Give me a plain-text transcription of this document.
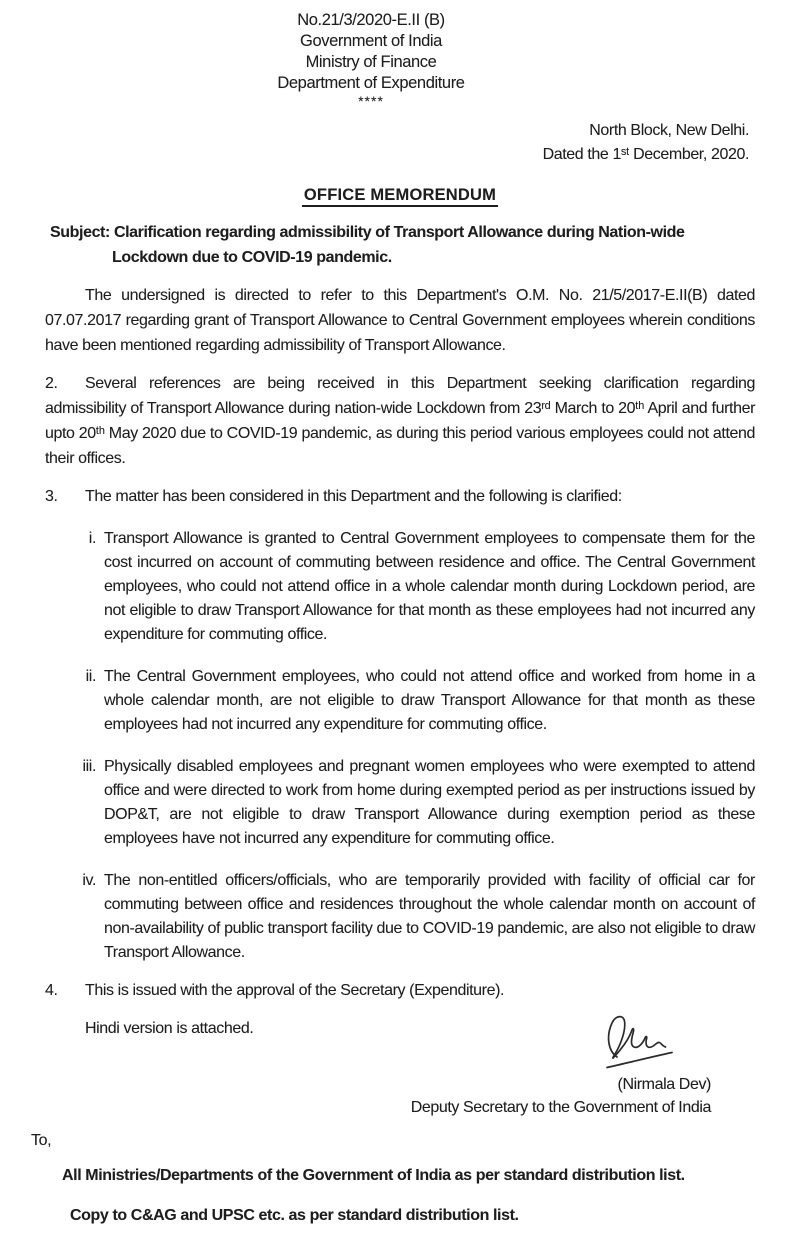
No.21/3/2020-E.II (B)
Government of India
Ministry of Finance
Department of Expenditure
****
North Block, New Delhi.
Dated the 1ˢᵗ December, 2020.
OFFICE MEMORENDUM
Subject: Clarification regarding admissibility of Transport Allowance during Nation-wide Lockdown due to COVID-19 pandemic.

The undersigned is directed to refer to this Department's O.M. No. 21/5/2017-E.II(B) dated 07.07.2017 regarding grant of Transport Allowance to Central Government employees wherein conditions have been mentioned regarding admissibility of Transport Allowance.

2. Several references are being received in this Department seeking clarification regarding admissibility of Transport Allowance during nation-wide Lockdown from 23ʳᵈ March to 20ᵗʰ April and further upto 20ᵗʰ May 2020 due to COVID-19 pandemic, as during this period various employees could not attend their offices.

3. The matter has been considered in this Department and the following is clarified:

i. Transport Allowance is granted to Central Government employees to compensate them for the cost incurred on account of commuting between residence and office. The Central Government employees, who could not attend office in a whole calendar month during Lockdown period, are not eligible to draw Transport Allowance for that month as these employees had not incurred any expenditure for commuting office.
ii. The Central Government employees, who could not attend office and worked from home in a whole calendar month, are not eligible to draw Transport Allowance for that month as these employees had not incurred any expenditure for commuting office.
iii. Physically disabled employees and pregnant women employees who were exempted to attend office and were directed to work from home during exempted period as per instructions issued by DOP&T, are not eligible to draw Transport Allowance during exemption period as these employees have not incurred any expenditure for commuting office.
iv. The non-entitled officers/officials, who are temporarily provided with facility of official car for commuting between office and residences throughout the whole calendar month on account of non-availability of public transport facility due to COVID-19 pandemic, are also not eligible to draw Transport Allowance.

4. This is issued with the approval of the Secretary (Expenditure).

Hindi version is attached.

(Nirmala Dev)
Deputy Secretary to the Government of India
To,
All Ministries/Departments of the Government of India as per standard distribution list.
Copy to C&AG and UPSC etc. as per standard distribution list.
